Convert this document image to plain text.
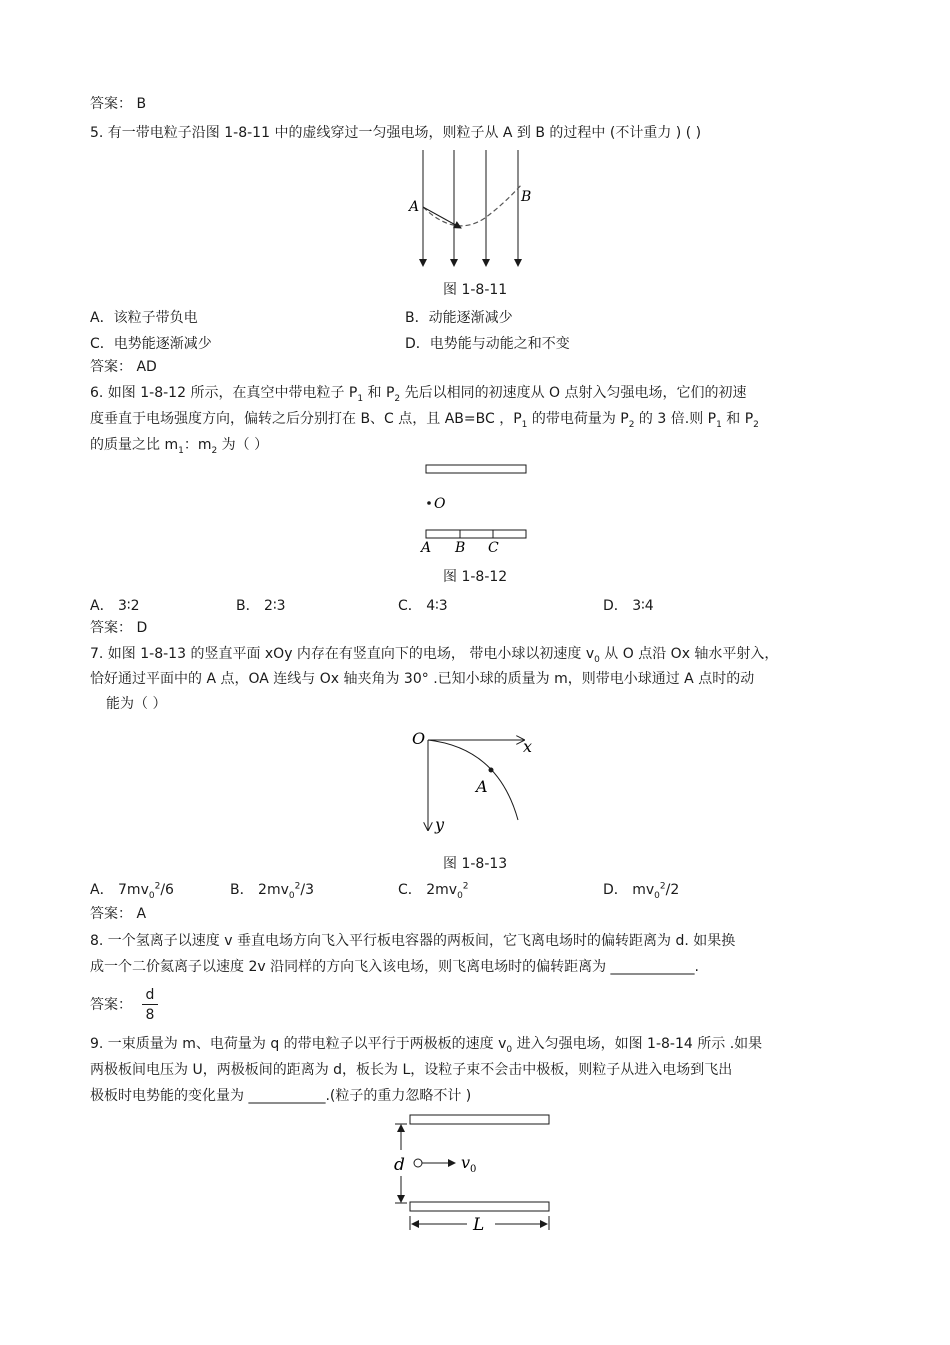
答案： B
5. 有一带电粒子沿图 1-8-11 中的虚线穿过一匀强电场，则粒子从 A 到 B 的过程中 (不计重力 ) ( )
A
B
图 1-8-11
A．该粒子带负电	B．动能逐渐减少
C．电势能逐渐减少	D．电势能与动能之和不变
答案： AD
6. 如图 1-8-12 所示，在真空中带电粒子 $P_1$ 和 $P_2$ 先后以相同的初速度从 O 点射入匀强电场，它们的初速
度垂直于电场强度方向，偏转之后分别打在 B、C 点，且 AB=BC ，$P_1$ 的带电荷量为 $P_2$ 的 3 倍.则 $P_1$ 和 $P_2$
的质量之比 $m_1$：$m_2$ 为（ ）
O
A B C
图 1-8-12
A． 3∶2	B． 2∶3	C． 4∶3	D． 3∶4
答案： D
7. 如图 1-8-13 的竖直平面 xOy 内存在有竖直向下的电场， 带电小球以初速度 $v_0$ 从 O 点沿 Ox 轴水平射入，
恰好通过平面中的 A 点，OA 连线与 Ox 轴夹角为 30° .已知小球的质量为 m，则带电小球通过 A 点时的动
能为（ ）
O	x
A
y
图 1-8-13
A． $7mv_0^2/6$	B． $2mv_0^2/3$	C． $2mv_0^2$	D． $mv_0^2/2$
答案： A
8. 一个氢离子以速度 v 垂直电场方向飞入平行板电容器的两板间，它飞离电场时的偏转距离为 d. 如果换
成一个二价氦离子以速度 2v 沿同样的方向飞入该电场，则飞离电场时的偏转距离为 ____________.
答案： $\frac{d}{8}$
9. 一束质量为 m、电荷量为 q 的带电粒子以平行于两极板的速度 $v_0$ 进入匀强电场，如图 1-8-14 所示 .如果
两极板间电压为 U，两极板间的距离为 d，板长为 L，设粒子束不会击中极板，则粒子从进入电场到飞出
极板时电势能的变化量为 ___________.(粒子的重力忽略不计 )
d	$v_0$
L
